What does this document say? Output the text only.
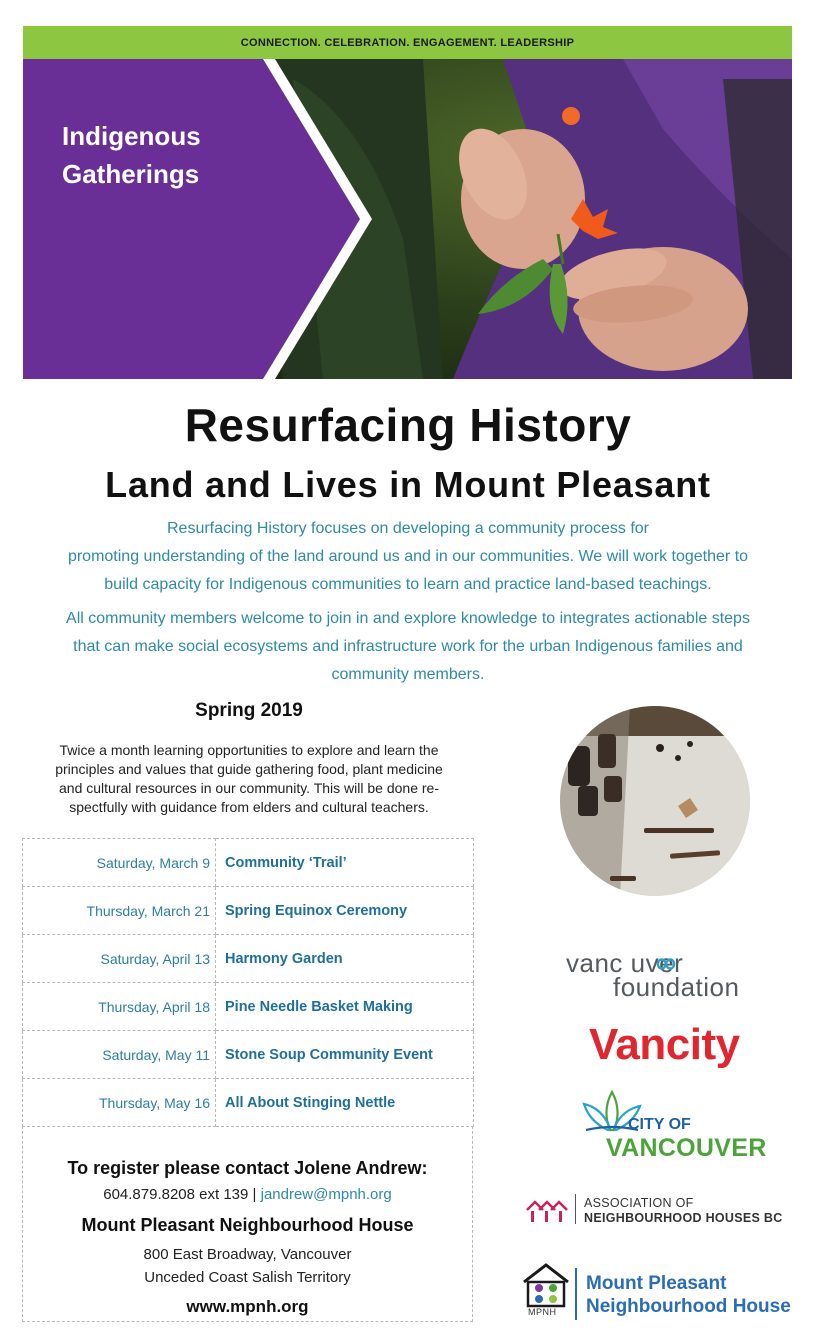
CONNECTION. CELEBRATION. ENGAGEMENT. LEADERSHIP
Indigenous
Gatherings
Resurfacing History
Land and Lives in Mount Pleasant

Resurfacing History focuses on developing a community process for
promoting understanding of the land around us and in our communities. We will work together to
build capacity for Indigenous communities to learn and practice land-based teachings.

All community members welcome to join in and explore knowledge to integrates actionable steps
that can make social ecosystems and infrastructure work for the urban Indigenous families and
community members.

Spring 2019
Twice a month learning opportunities to explore and learn the
principles and values that guide gathering food, plant medicine
and cultural resources in our community. This will be done re-
spectfully with guidance from elders and cultural teachers.
Saturday, March 9	Community ‘Trail’
Thursday, March 21	Spring Equinox Ceremony
Saturday, April 13	Harmony Garden
Thursday, April 18	Pine Needle Basket Making
Saturday, May 11	Stone Soup Community Event
Thursday, May 16	All About Stinging Nettle
To register please contact Jolene Andrew:
604.879.8208 ext 139 | jandrew@mpnh.org
Mount Pleasant Neighbourhood House
800 East Broadway, Vancouver
Unceded Coast Salish Territory
www.mpnh.org
vanc uver
foundation
Vancity
CITY OF
VANCOUVER
ASSOCIATION OF
NEIGHBOURHOOD HOUSES BC
MPNH
Mount Pleasant
Neighbourhood House
